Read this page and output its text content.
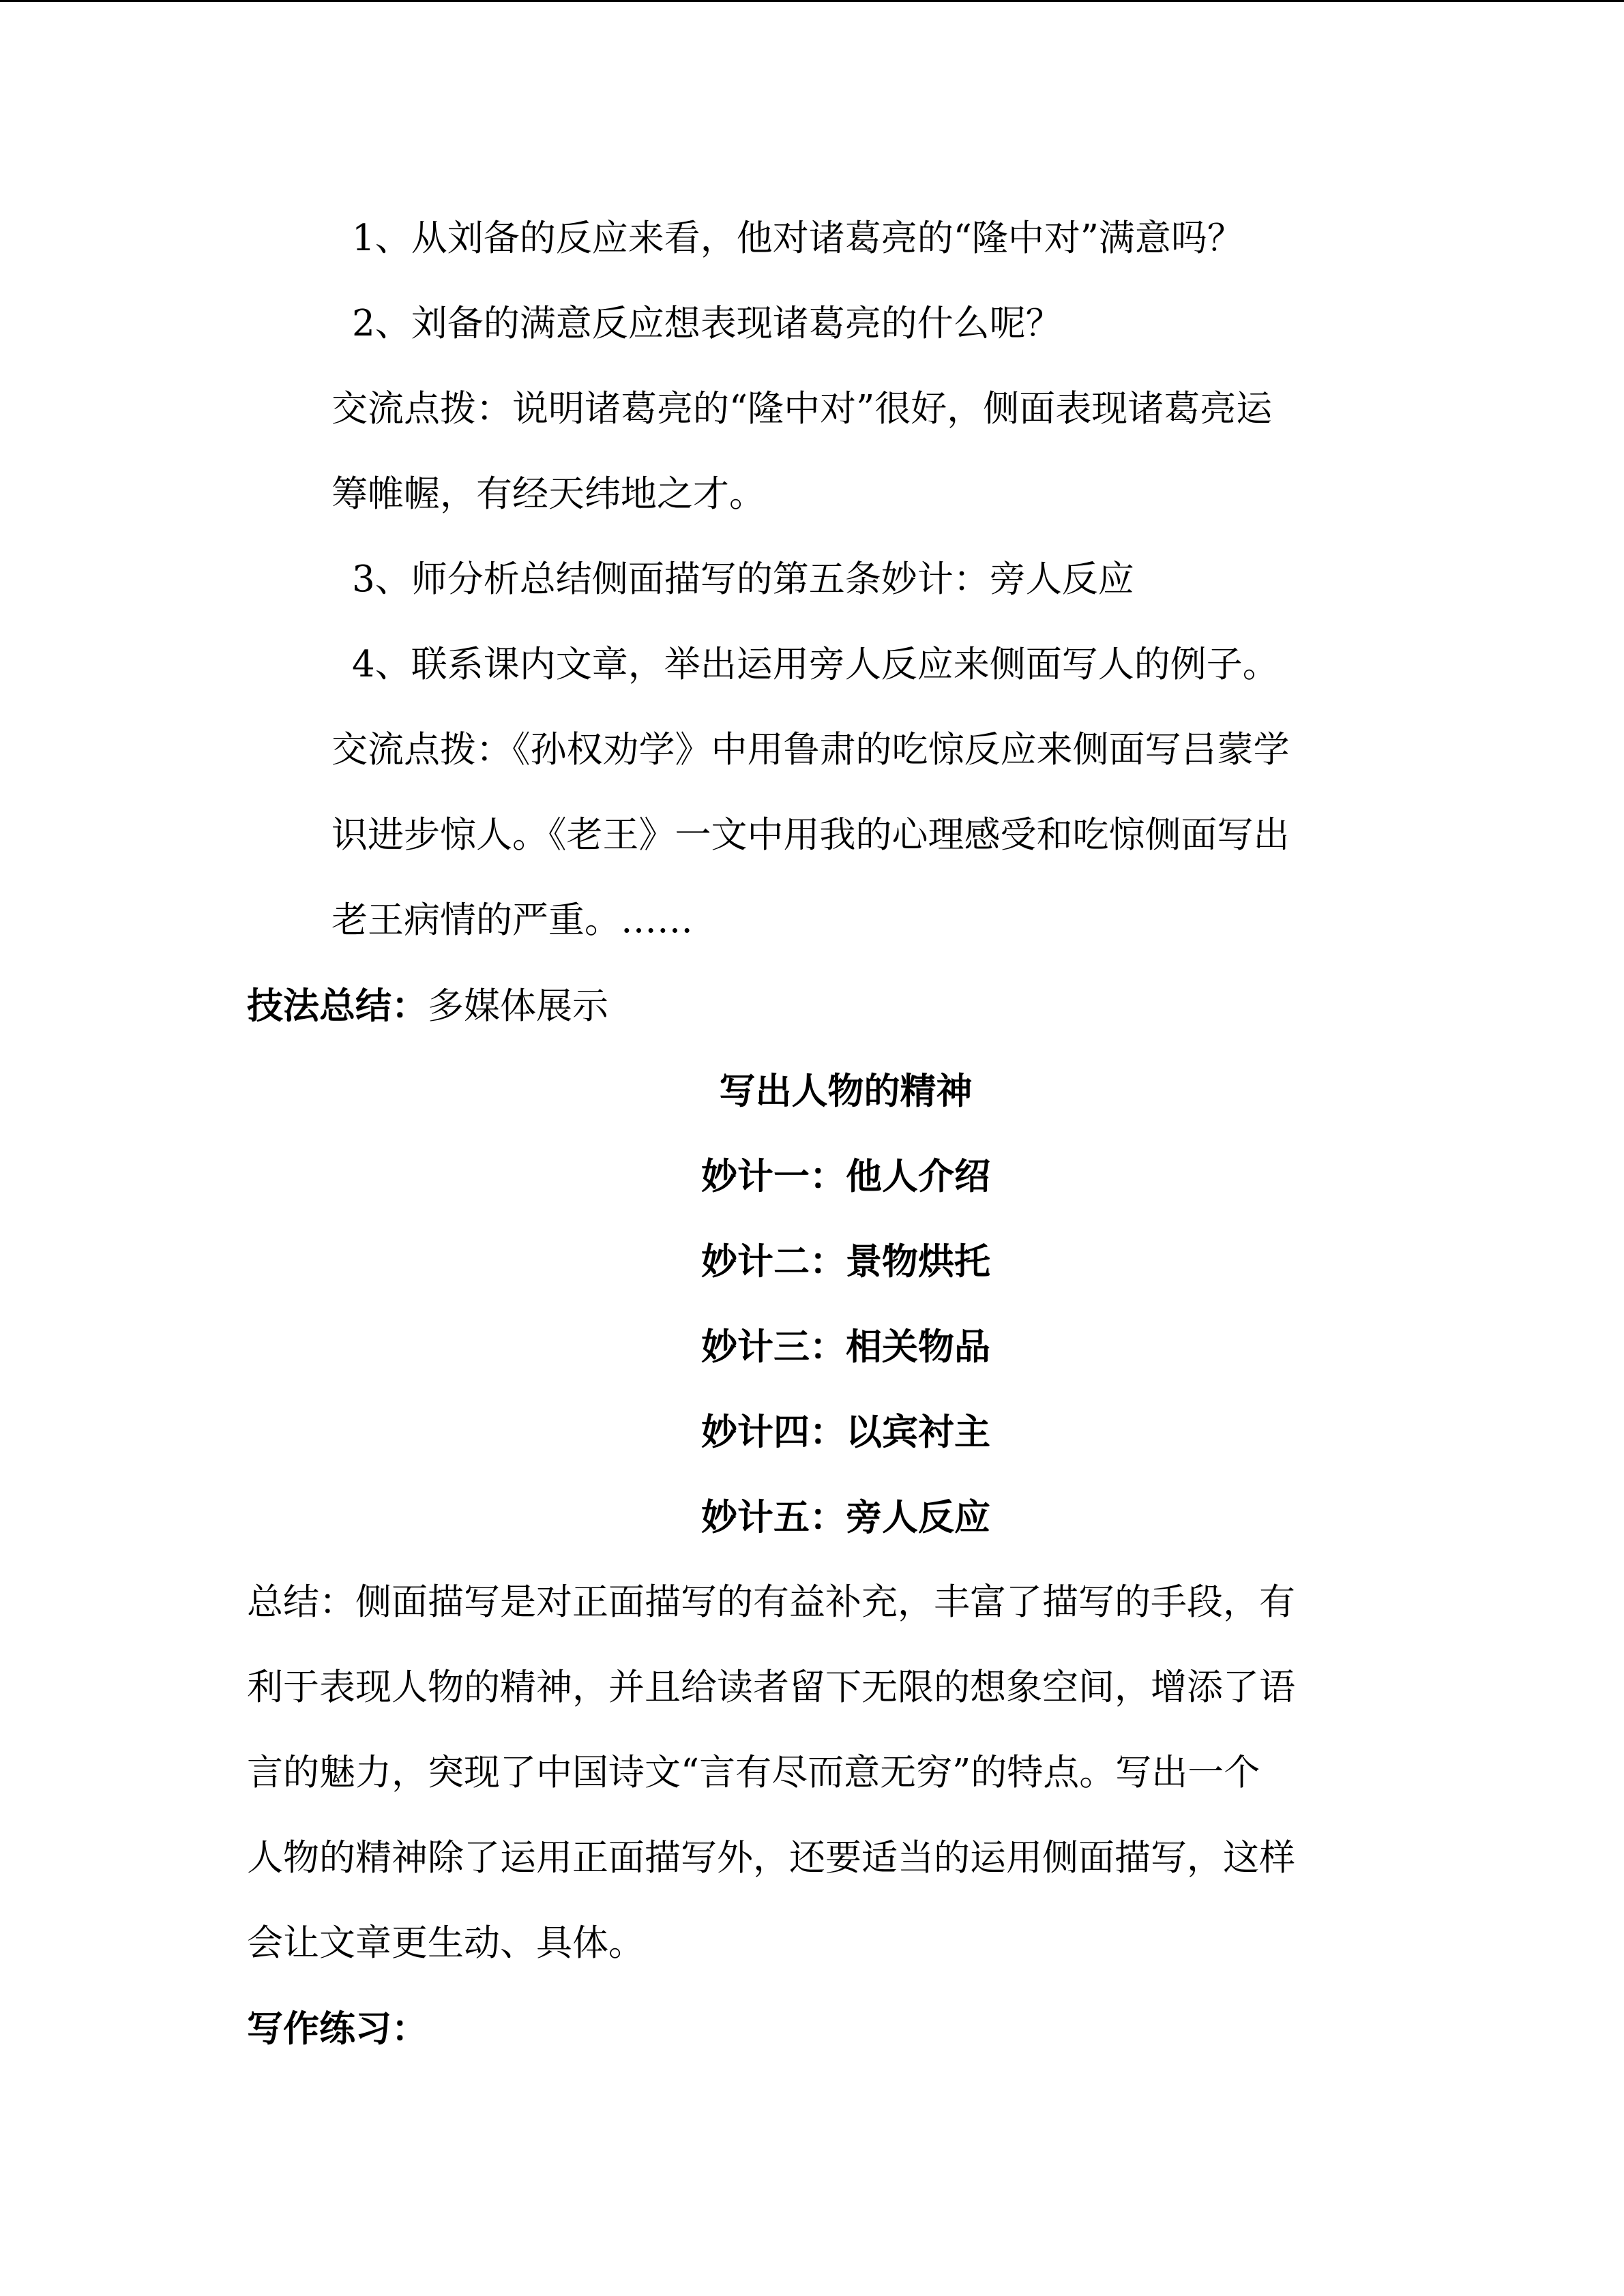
1、从刘备的反应来看，他对诸葛亮的“隆中对”满意吗？
2、刘备的满意反应想表现诸葛亮的什么呢？
交流点拨：说明诸葛亮的“隆中对”很好，侧面表现诸葛亮运
筹帷幄，有经天纬地之才。
3、师分析总结侧面描写的第五条妙计：旁人反应
4、联系课内文章，举出运用旁人反应来侧面写人的例子。
交流点拨：《孙权劝学》中用鲁肃的吃惊反应来侧面写吕蒙学
识进步惊人。《老王》一文中用我的心理感受和吃惊侧面写出
老王病情的严重。……
技法总结：多媒体展示
写出人物的精神
妙计一：他人介绍
妙计二：景物烘托
妙计三：相关物品
妙计四：以宾衬主
妙计五：旁人反应
总结：侧面描写是对正面描写的有益补充，丰富了描写的手段，有
利于表现人物的精神，并且给读者留下无限的想象空间，增添了语
言的魅力，突现了中国诗文“言有尽而意无穷”的特点。写出一个
人物的精神除了运用正面描写外，还要适当的运用侧面描写，这样
会让文章更生动、具体。
写作练习：
